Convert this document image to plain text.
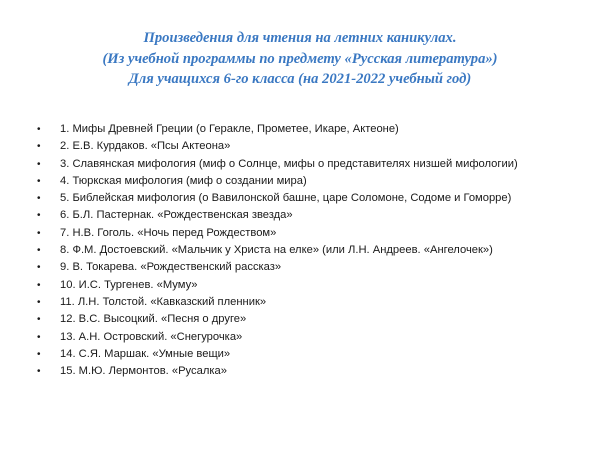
Произведения для чтения на летних каникулах.
(Из учебной программы по предмету «Русская литература»)
Для учащихся 6-го класса (на 2021-2022 учебный год)
• 1. Мифы Древней Греции (о Геракле, Прометее, Икаре, Актеоне)
• 2. Е.В. Курдаков. «Псы Актеона»
• 3. Славянская мифология (миф о Солнце, мифы о представителях низшей мифологии)
• 4. Тюркская мифология (миф о создании мира)
• 5. Библейская мифология (о Вавилонской башне, царе Соломоне, Содоме и Гоморре)
• 6. Б.Л. Пастернак. «Рождественская звезда»
• 7. Н.В. Гоголь. «Ночь перед Рождеством»
• 8. Ф.М. Достоевский. «Мальчик у Христа на елке» (или Л.Н. Андреев. «Ангелочек»)
• 9. В. Токарева. «Рождественский рассказ»
• 10. И.С. Тургенев. «Муму»
• 11. Л.Н. Толстой. «Кавказский пленник»
• 12. В.С. Высоцкий. «Песня о друге»
• 13. А.Н. Островский. «Снегурочка»
• 14. С.Я. Маршак. «Умные вещи»
• 15. М.Ю. Лермонтов. «Русалка»
